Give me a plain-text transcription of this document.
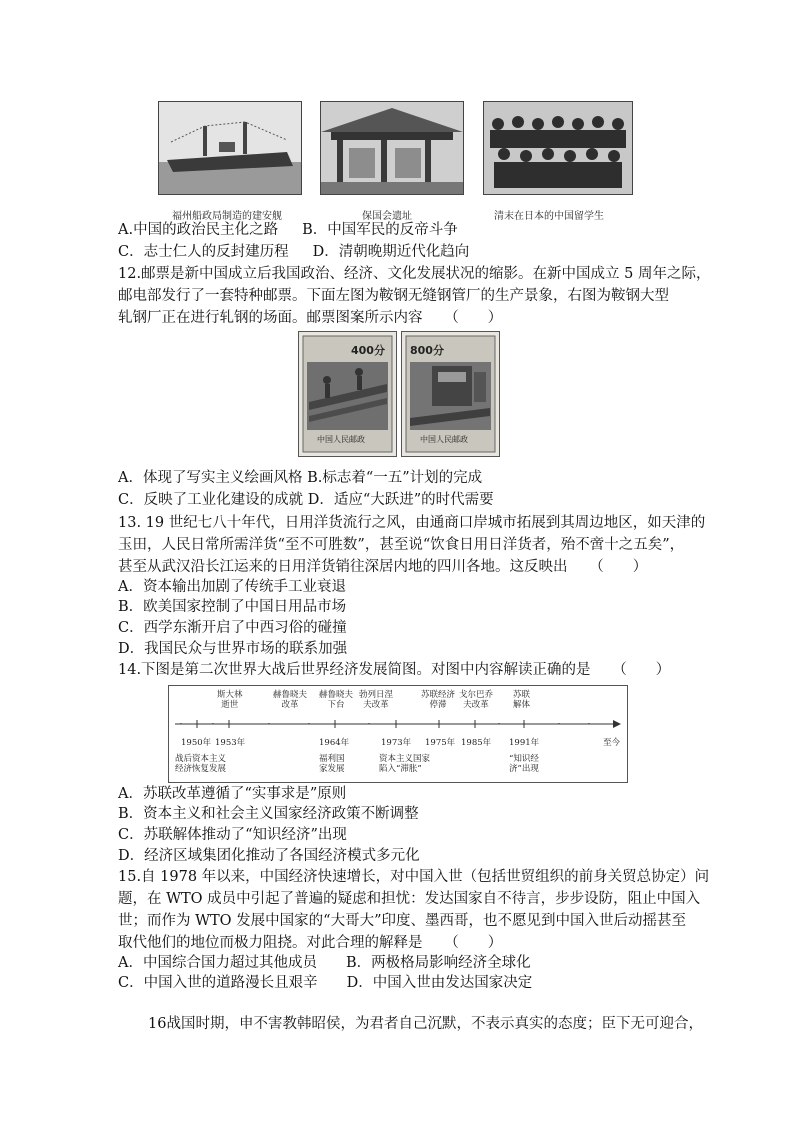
福州船政局制造的建安舰	保国会遗址	清末在日本的中国留学生
A.中国的政治民主化之路 B．中国军民的反帝斗争
C．志士仁人的反封建历程 D．清朝晚期近代化趋向
12.邮票是新中国成立后我国政治、经济、文化发展状况的缩影。在新中国成立 5 周年之际，
邮电部发行了一套特种邮票。下面左图为鞍钢无缝钢管厂的生产景象，右图为鞍钢大型
轧钢厂正在进行轧钢的场面。邮票图案所示内容　　（　　）
400分
中国人民邮政
800分
中国人民邮政
A．体现了写实主义绘画风格 B.标志着“一五”计划的完成
C．反映了工业化建设的成就 D．适应“大跃进”的时代需要
13. 19 世纪七八十年代，日用洋货流行之风，由通商口岸城市拓展到其周边地区，如天津的
玉田，人民日常所需洋货“至不可胜数”，甚至说“饮食日用日洋货者，殆不啻十之五矣”，
甚至从武汉沿长江运来的日用洋货销往深居内地的四川各地。这反映出　　（　　）
A．资本输出加剧了传统手工业衰退
B．欧美国家控制了中国日用品市场
C．西学东渐开启了中西习俗的碰撞
D．我国民众与世界市场的联系加强
14.下图是第二次世界大战后世界经济发展简图。对图中内容解读正确的是　　（　　）
斯大林
逝世
赫鲁晓夫
改革
赫鲁晓夫
下台
勃列日涅
夫改革
苏联经济
停滞
戈尔巴乔
夫改革
苏联
解体
1950年 1953年	1964年	1973年 1975年 1985年 1991年	至今
战后资本主义
经济恢复发展
福利国
家发展
资本主义国家
陷入“滞胀”
“知识经
济”出现
A．苏联改革遵循了“实事求是”原则
B．资本主义和社会主义国家经济政策不断调整
C．苏联解体推动了“知识经济”出现
D．经济区域集团化推动了各国经济模式多元化
15.自 1978 年以来，中国经济快速增长，对中国入世（包括世贸组织的前身关贸总协定）问
题，在 WTO 成员中引起了普遍的疑虑和担忧：发达国家自不待言，步步设防，阻止中国入
世；而作为 WTO 发展中国家的“大哥大”印度、墨西哥，也不愿见到中国入世后动摇甚至
取代他们的地位而极力阻挠。对此合理的解释是　　（　　）
A．中国综合国力超过其他成员　　B．两极格局影响经济全球化
C．中国入世的道路漫长且艰辛　　D．中国入世由发达国家决定
16战国时期，申不害教韩昭侯，为君者自己沉默，不表示真实的态度；臣下无可迎合，
